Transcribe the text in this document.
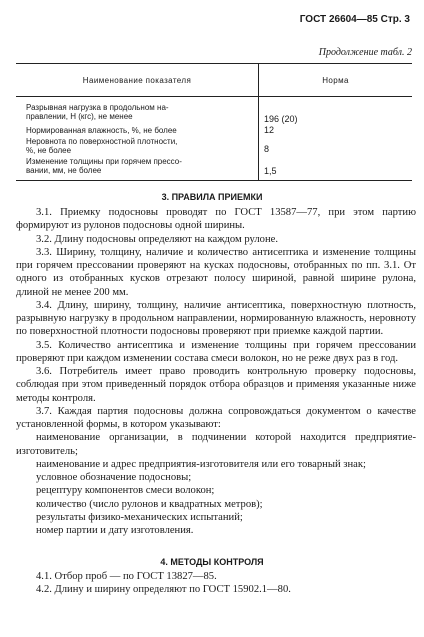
ГОСТ 26604—85 Стр. 3
Продолжение табл. 2
Наименование показателя	Норма
Разрывная нагрузка в продольном на-
правлении, Н (кгс), не менее	196 (20)
Нормированная влажность, %, не более	12
Неровнота по поверхностной плотности,
%, не более	8
Изменение толщины при горячем прессо-
вании, мм, не более	1,5
3. ПРАВИЛА ПРИЕМКИ

3.1. Приемку подосновы проводят по ГОСТ 13587—77, при этом партию формируют из рулонов подосновы одной ширины.

3.2. Длину подосновы определяют на каждом рулоне.

3.3. Ширину, толщину, наличие и количество антисептика и изменение толщины при горячем прессовании проверяют на кусках подосновы, отобранных по пп. 3.1. От одного из отобранных кусков отрезают полосу шириной, равной ширине рулона, длиной не менее 200 мм.

3.4. Длину, ширину, толщину, наличие антисептика, поверхностную плотность, разрывную нагрузку в продольном направлении, нормированную влажность, неровноту по поверхностной плотности подосновы проверяют при приемке каждой партии.

3.5. Количество антисептика и изменение толщины при горячем прессовании проверяют при каждом изменении состава смеси волокон, но не реже двух раз в год.

3.6. Потребитель имеет право проводить контрольную проверку подосновы, соблюдая при этом приведенный порядок отбора образцов и применяя указанные ниже методы контроля.

3.7. Каждая партия подосновы должна сопровождаться документом о качестве установленной формы, в котором указывают:

наименование организации, в подчинении которой находится предприятие-изготовитель;

наименование и адрес предприятия-изготовителя или его товарный знак;

условное обозначение подосновы;

рецептуру компонентов смеси волокон;

количество (число рулонов и квадратных метров);

результаты физико-механических испытаний;

номер партии и дату изготовления.

4. МЕТОДЫ КОНТРОЛЯ

4.1. Отбор проб — по ГОСТ 13827—85.

4.2. Длину и ширину определяют по ГОСТ 15902.1—80.
